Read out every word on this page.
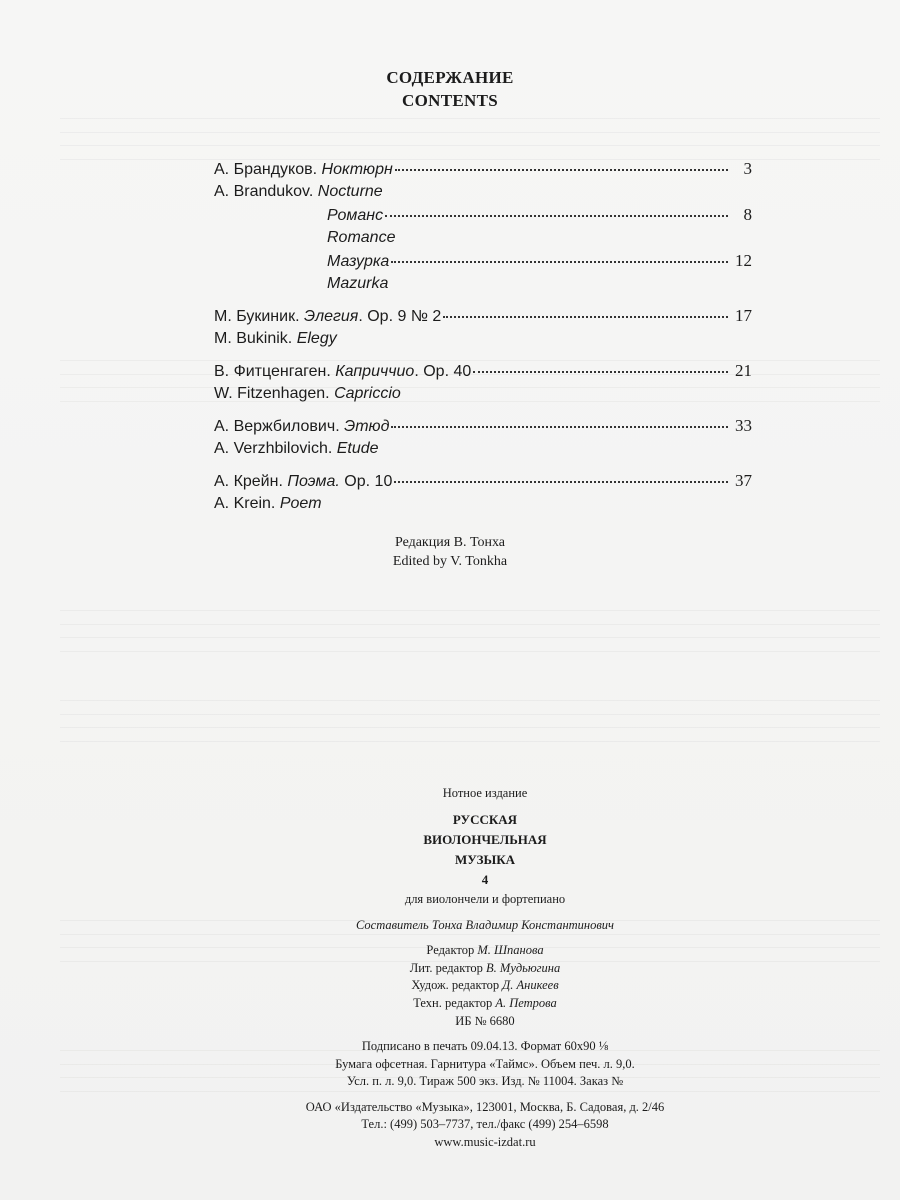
СОДЕРЖАНИЕ
CONTENTS
А. Брандуков. Ноктюрн	3
A. Brandukov. Nocturne
Романс	8
Romance
Мазурка	12
Mazurka
М. Букиник. Элегия. Ор. 9 № 2	17
M. Bukinik. Elegy
В. Фитценгаген. Каприччио. Ор. 40	21
W. Fitzenhagen. Capriccio
А. Вержбилович. Этюд	33
A. Verzhbilovich. Etude
А. Крейн. Поэма. Ор. 10	37
A. Krein. Poem
Редакция В. Тонха
Edited by V. Tonkha
Нотное издание
РУССКАЯ
ВИОЛОНЧЕЛЬНАЯ
МУЗЫКА
4
для виолончели и фортепиано
Составитель Тонха Владимир Константинович
Редактор М. Шпанова
Лит. редактор В. Мудьюгина
Худож. редактор Д. Аникеев
Техн. редактор А. Петрова
ИБ № 6680
Подписано в печать 09.04.13. Формат 60x90 ⅛
Бумага офсетная. Гарнитура «Таймс». Объем печ. л. 9,0.
Усл. п. л. 9,0. Тираж 500 экз. Изд. № 11004. Заказ №
ОАО «Издательство «Музыка», 123001, Москва, Б. Садовая, д. 2/46
Тел.: (499) 503–7737, тел./факс (499) 254–6598
www.music-izdat.ru
